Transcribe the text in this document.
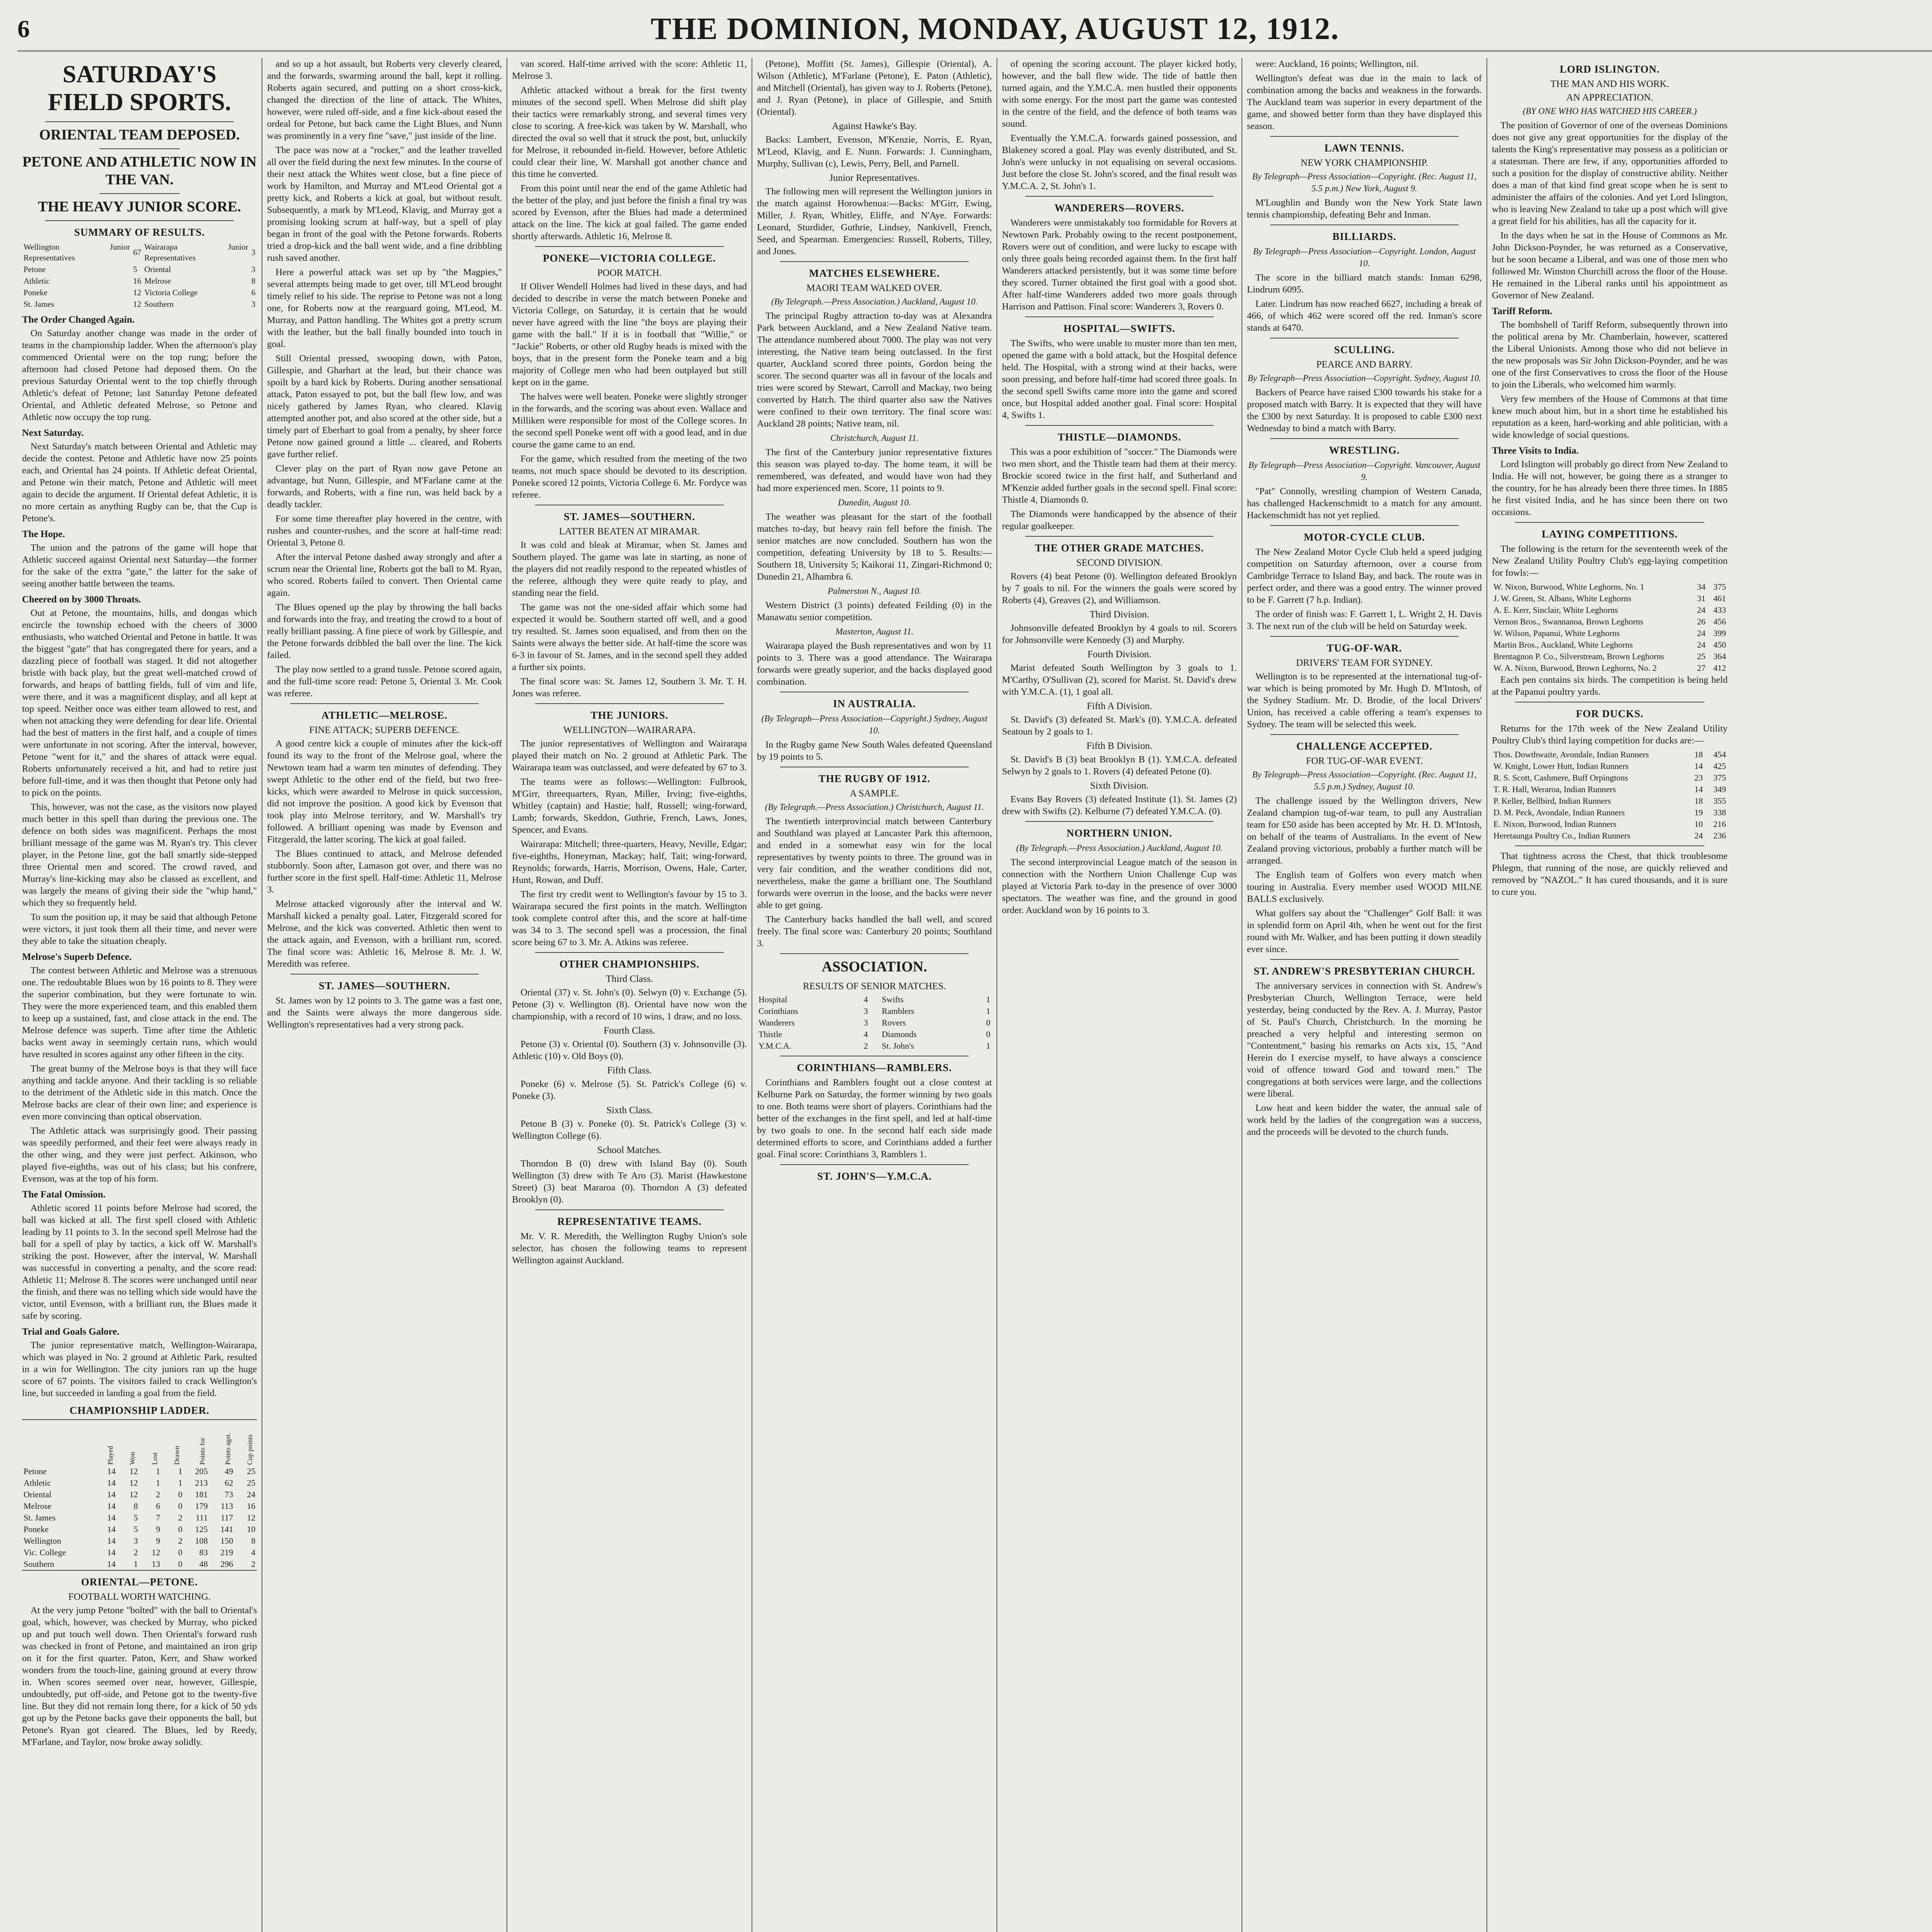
6	THE DOMINION, MONDAY, AUGUST 12, 1912.
SATURDAY'S FIELD SPORTS.
ORIENTAL TEAM DEPOSED.
PETONE AND ATHLETIC NOW IN THE VAN.
THE HEAVY JUNIOR SCORE.
SUMMARY OF RESULTS.
Wellington Junior Representatives	67	Wairarapa Junior Representatives	3
Petone	5	Oriental	3
Athletic	16	Melrose	8
Poneke	12	Victoria College	6
St. James	12	Southern	3
The Order Changed Again.

On Saturday another change was made in the order of teams in the championship ladder. When the afternoon's play commenced Oriental were on the top rung; before the afternoon had closed Petone had deposed them. On the previous Saturday Oriental went to the top chiefly through Athletic's defeat of Petone; last Saturday Petone defeated Oriental, and Athletic defeated Melrose, so Petone and Athletic now occupy the top rung.

Next Saturday.

Next Saturday's match between Oriental and Athletic may decide the contest. Petone and Athletic have now 25 points each, and Oriental has 24 points. If Athletic defeat Oriental, and Petone win their match, Petone and Athletic will meet again to decide the argument. If Oriental defeat Athletic, it is no more certain as anything Rugby can be, that the Cup is Petone's.

The Hope.

The union and the patrons of the game will hope that Athletic succeed against Oriental next Saturday—the former for the sake of the extra "gate," the latter for the sake of seeing another battle between the teams.

Cheered on by 3000 Throats.

Out at Petone, the mountains, hills, and dongas which encircle the township echoed with the cheers of 3000 enthusiasts, who watched Oriental and Petone in battle. It was the biggest "gate" that has congregated there for years, and a dazzling piece of football was staged. It did not altogether bristle with back play, but the great well-matched crowd of forwards, and heaps of battling fields, full of vim and life, were there, and it was a magnificent display, and all kept at top speed. Neither once was either team allowed to rest, and when not attacking they were defending for dear life. Oriental had the best of matters in the first half, and a couple of times were unfortunate in not scoring. After the interval, however, Petone "went for it," and the shares of attack were equal. Roberts unfortunately received a hit, and had to retire just before full-time, and it was then thought that Petone only had to pick on the points.

This, however, was not the case, as the visitors now played much better in this spell than during the previous one. The defence on both sides was magnificent. Perhaps the most brilliant message of the game was M. Ryan's try. This clever player, in the Petone line, got the ball smartly side-stepped three Oriental men and scored. The crowd raved, and Murray's line-kicking may also be classed as excellent, and was largely the means of giving their side the "whip hand," which they so frequently held.

To sum the position up, it may be said that although Petone were victors, it just took them all their time, and never were they able to take the situation cheaply.

Melrose's Superb Defence.

The contest between Athletic and Melrose was a strenuous one. The redoubtable Blues won by 16 points to 8. They were the superior combination, but they were fortunate to win. They were the more experienced team, and this enabled them to keep up a sustained, fast, and close attack in the end. The Melrose defence was superb. Time after time the Athletic backs went away in seemingly certain runs, which would have resulted in scores against any other fifteen in the city.

The great bunny of the Melrose boys is that they will face anything and tackle anyone. And their tackling is so reliable to the detriment of the Athletic side in this match. Once the Melrose backs are clear of their own line; and experience is even more convincing than optical observation.

The Athletic attack was surprisingly good. Their passing was speedily performed, and their feet were always ready in the other wing, and they were just perfect. Atkinson, who played five-eighths, was out of his class; but his confrere, Evenson, was at the top of his form.

The Fatal Omission.

Athletic scored 11 points before Melrose had scored, the ball was kicked at all. The first spell closed with Athletic leading by 11 points to 3. In the second spell Melrose had the ball for a spell of play by tactics, a kick off W. Marshall's striking the post. However, after the interval, W. Marshall was successful in converting a penalty, and the score read: Athletic 11; Melrose 8. The scores were unchanged until near the finish, and there was no telling which side would have the victor, until Evenson, with a brilliant run, the Blues made it safe by scoring.

Trial and Goals Galore.

The junior representative match, Wellington-Wairarapa, which was played in No. 2 ground at Athletic Park, resulted in a win for Wellington. The city juniors ran up the huge score of 67 points. The visitors failed to crack Wellington's line, but succeeded in landing a goal from the field.

CHAMPIONSHIP LADDER.
	Played	Won	Lost	Drawn	Points for	Points agst.	Cup points
Petone	14	12	1	1	205	49	25
Athletic	14	12	1	1	213	62	25
Oriental	14	12	2	0	181	73	24
Melrose	14	8	6	0	179	113	16
St. James	14	5	7	2	111	117	12
Poneke	14	5	9	0	125	141	10
Wellington	14	3	9	2	108	150	8
Vic. College	14	2	12	0	83	219	4
Southern	14	1	13	0	48	296	2
ORIENTAL—PETONE.
FOOTBALL WORTH WATCHING.

At the very jump Petone "bolted" with the ball to Oriental's goal, which, however, was checked by Murray, who picked up and put touch well down. Then Oriental's forward rush was checked in front of Petone, and maintained an iron grip on it for the first quarter. Paton, Kerr, and Shaw worked wonders from the touch-line, gaining ground at every throw in. When scores seemed over near, however, Gillespie, undoubtedly, put off-side, and Petone got to the twenty-five line. But they did not remain long there, for a kick of 50 yds got up by the Petone backs gave their opponents the ball, but Petone's Ryan got cleared. The Blues, led by Reedy, M'Farlane, and Taylor, now broke away solidly.

and so up a hot assault, but Roberts very cleverly cleared, and the forwards, swarming around the ball, kept it rolling. Roberts again secured, and putting on a short cross-kick, changed the direction of the line of attack. The Whites, however, were ruled off-side, and a fine kick-about eased the ordeal for Petone, but back came the Light Blues, and Nunn was prominently in a very fine "save," just inside of the line.

The pace was now at a "rocker," and the leather travelled all over the field during the next few minutes. In the course of their next attack the Whites went close, but a fine piece of work by Hamilton, and Murray and M'Leod Oriental got a pretty kick, and Roberts a kick at goal, but without result. Subsequently, a mark by M'Leod, Klavig, and Murray got a promising looking scrum at half-way, but a spell of play began in front of the goal with the Petone forwards. Roberts tried a drop-kick and the ball went wide, and a fine dribbling rush saved another.

Here a powerful attack was set up by "the Magpies," several attempts being made to get over, till M'Leod brought timely relief to his side. The reprise to Petone was not a long one, for Roberts now at the rearguard going, M'Leod, M. Murray, and Patton handling. The Whites got a pretty scrum with the leather, but the ball finally bounded into touch in goal.

Still Oriental pressed, swooping down, with Paton, Gillespie, and Gharhart at the lead, but their chance was spoilt by a hard kick by Roberts. During another sensational attack, Paton essayed to pot, but the ball flew low, and was nicely gathered by James Ryan, who cleared. Klavig attempted another pot, and also scored at the other side, but a timely part of Eberhart to goal from a penalty, by sheer force Petone now gained ground a little ... cleared, and Roberts gave further relief.

Clever play on the part of Ryan now gave Petone an advantage, but Nunn, Gillespie, and M'Farlane came at the forwards, and Roberts, with a fine run, was held back by a deadly tackler.

For some time thereafter play hovered in the centre, with rushes and counter-rushes, and the score at half-time read: Oriental 3, Petone 0.

After the interval Petone dashed away strongly and after a scrum near the Oriental line, Roberts got the ball to M. Ryan, who scored. Roberts failed to convert. Then Oriental came again.

The Blues opened up the play by throwing the ball backs and forwards into the fray, and treating the crowd to a bout of really brilliant passing. A fine piece of work by Gillespie, and the Petone forwards dribbled the ball over the line. The kick failed.

The play now settled to a grand tussle. Petone scored again, and the full-time score read: Petone 5, Oriental 3. Mr. Cook was referee.

ATHLETIC—MELROSE.
FINE ATTACK; SUPERB DEFENCE.

A good centre kick a couple of minutes after the kick-off found its way to the front of the Melrose goal, where the Newtown team had a warm ten minutes of defending. They swept Athletic to the other end of the field, but two free-kicks, which were awarded to Melrose in quick succession, did not improve the position. A good kick by Evenson that took play into Melrose territory, and W. Marshall's try followed. A brilliant opening was made by Evenson and Fitzgerald, the latter scoring. The kick at goal failed.

The Blues continued to attack, and Melrose defended stubbornly. Soon after, Lamason got over, and there was no further score in the first spell. Half-time: Athletic 11, Melrose 3.

Melrose attacked vigorously after the interval and W. Marshall kicked a penalty goal. Later, Fitzgerald scored for Melrose, and the kick was converted. Athletic then went to the attack again, and Evenson, with a brilliant run, scored. The final score was: Athletic 16, Melrose 8. Mr. J. W. Meredith was referee.

ST. JAMES—SOUTHERN.

St. James won by 12 points to 3. The game was a fast one, and the Saints were always the more dangerous side. Wellington's representatives had a very strong pack.

van scored. Half-time arrived with the score: Athletic 11, Melrose 3.

Athletic attacked without a break for the first twenty minutes of the second spell. When Melrose did shift play their tactics were remarkably strong, and several times very close to scoring. A free-kick was taken by W. Marshall, who directed the oval so well that it struck the post, but, unluckily for Melrose, it rebounded in-field. However, before Athletic could clear their line, W. Marshall got another chance and this time he converted.

From this point until near the end of the game Athletic had the better of the play, and just before the finish a final try was scored by Evenson, after the Blues had made a determined attack on the line. The kick at goal failed. The game ended shortly afterwards. Athletic 16, Melrose 8.

PONEKE—VICTORIA COLLEGE.
POOR MATCH.

If Oliver Wendell Holmes had lived in these days, and had decided to describe in verse the match between Poneke and Victoria College, on Saturday, it is certain that he would never have agreed with the line "the boys are playing their game with the ball." If it is in football that "Willie," or "Jackie" Roberts, or other old Rugby heads is mixed with the boys, that in the present form the Poneke team and a big majority of College men who had been outplayed but still kept on in the game.

The halves were well beaten. Poneke were slightly stronger in the forwards, and the scoring was about even. Wallace and Milliken were responsible for most of the College scores. In the second spell Poneke went off with a good lead, and in due course the game came to an end.

For the game, which resulted from the meeting of the two teams, not much space should be devoted to its description. Poneke scored 12 points, Victoria College 6. Mr. Fordyce was referee.

ST. JAMES—SOUTHERN.
LATTER BEATEN AT MIRAMAR.

It was cold and bleak at Miramar, when St. James and Southern played. The game was late in starting, as none of the players did not readily respond to the repeated whistles of the referee, although they were quite ready to play, and standing near the field.

The game was not the one-sided affair which some had expected it would be. Southern started off well, and a good try resulted. St. James soon equalised, and from then on the Saints were always the better side. At half-time the score was 6-3 in favour of St. James, and in the second spell they added a further six points.

The final score was: St. James 12, Southern 3. Mr. T. H. Jones was referee.

THE JUNIORS.
WELLINGTON—WAIRARAPA.

The junior representatives of Wellington and Wairarapa played their match on No. 2 ground at Athletic Park. The Wairarapa team was outclassed, and were defeated by 67 to 3.

The teams were as follows:—Wellington: Fulbrook, M'Girr, threequarters, Ryan, Miller, Irving; five-eighths, Whitley (captain) and Hastie; half, Russell; wing-forward, Lamb; forwards, Skeddon, Guthrie, French, Laws, Jones, Spencer, and Evans.

Wairarapa: Mitchell; three-quarters, Heavy, Neville, Edgar; five-eighths, Honeyman, Mackay; half, Tait; wing-forward, Reynolds; forwards, Harris, Morrison, Owens, Hale, Carter, Hunt, Rowan, and Duff.

The first try credit went to Wellington's favour by 15 to 3. Wairarapa secured the first points in the match. Wellington took complete control after this, and the score at half-time was 34 to 3. The second spell was a procession, the final score being 67 to 3. Mr. A. Atkins was referee.

OTHER CHAMPIONSHIPS.
Third Class.

Oriental (37) v. St. John's (0). Selwyn (0) v. Exchange (5). Petone (3) v. Wellington (8). Oriental have now won the championship, with a record of 10 wins, 1 draw, and no loss.

Fourth Class.

Petone (3) v. Oriental (0). Southern (3) v. Johnsonville (3). Athletic (10) v. Old Boys (0).

Fifth Class.

Poneke (6) v. Melrose (5). St. Patrick's College (6) v. Poneke (3).

Sixth Class.

Petone B (3) v. Poneke (0). St. Patrick's College (3) v. Wellington College (6).

School Matches.

Thorndon B (0) drew with Island Bay (0). South Wellington (3) drew with Te Aro (3). Marist (Hawkestone Street) (3) beat Mararoa (0). Thorndon A (3) defeated Brooklyn (0).

REPRESENTATIVE TEAMS.

Mr. V. R. Meredith, the Wellington Rugby Union's sole selector, has chosen the following teams to represent Wellington against Auckland.

(Petone), Moffitt (St. James), Gillespie (Oriental), A. Wilson (Athletic), M'Farlane (Petone), E. Paton (Athletic), and Mitchell (Oriental), has given way to J. Roberts (Petone), and J. Ryan (Petone), in place of Gillespie, and Smith (Oriental).

Against Hawke's Bay.

Backs: Lambert, Evenson, M'Kenzie, Norris, E. Ryan, M'Leod, Klavig, and E. Nunn. Forwards: J. Cunningham, Murphy, Sullivan (c), Lewis, Perry, Bell, and Parnell.

Junior Representatives.

The following men will represent the Wellington juniors in the match against Horowhenua:—Backs: M'Girr, Ewing, Miller, J. Ryan, Whitley, Eliffe, and N'Aye. Forwards: Leonard, Sturdider, Guthrie, Lindsey, Nankivell, French, Seed, and Spearman. Emergencies: Russell, Roberts, Tilley, and Jones.

MATCHES ELSEWHERE.
MAORI TEAM WALKED OVER.
(By Telegraph.—Press Association.) Auckland, August 10.

The principal Rugby attraction to-day was at Alexandra Park between Auckland, and a New Zealand Native team. The attendance numbered about 7000. The play was not very interesting, the Native team being outclassed. In the first quarter, Auckland scored three points, Gordon being the scorer. The second quarter was all in favour of the locals and tries were scored by Stewart, Carroll and Mackay, two being converted by Hatch. The third quarter also saw the Natives were confined to their own territory. The final score was: Auckland 28 points; Native team, nil.

Christchurch, August 11.

The first of the Canterbury junior representative fixtures this season was played to-day. The home team, it will be remembered, was defeated, and would have won had they had more experienced men. Score, 11 points to 9.

Dunedin, August 10.

The weather was pleasant for the start of the football matches to-day, but heavy rain fell before the finish. The senior matches are now concluded. Southern has won the competition, defeating University by 18 to 5. Results:—Southern 18, University 5; Kaikorai 11, Zingari-Richmond 0; Dunedin 21, Alhambra 6.

Palmerston N., August 10.

Western District (3 points) defeated Feilding (0) in the Manawatu senior competition.

Masterton, August 11.

Wairarapa played the Bush representatives and won by 11 points to 3. There was a good attendance. The Wairarapa forwards were greatly superior, and the backs displayed good combination.

IN AUSTRALIA.
(By Telegraph—Press Association—Copyright.) Sydney, August 10.

In the Rugby game New South Wales defeated Queensland by 19 points to 5.

THE RUGBY OF 1912.
A SAMPLE.
(By Telegraph.—Press Association.) Christchurch, August 11.

The twentieth interprovincial match between Canterbury and Southland was played at Lancaster Park this afternoon, and ended in a somewhat easy win for the local representatives by twenty points to three. The ground was in very fair condition, and the weather conditions did not, nevertheless, make the game a brilliant one. The Southland forwards were overrun in the loose, and the backs were never able to get going.

The Canterbury backs handled the ball well, and scored freely. The final score was: Canterbury 20 points; Southland 3.

ASSOCIATION.
RESULTS OF SENIOR MATCHES.
Hospital	4	Swifts	1
Corinthians	3	Ramblers	1
Wanderers	3	Rovers	0
Thistle	4	Diamonds	0
Y.M.C.A.	2	St. John's	1
CORINTHIANS—RAMBLERS.

Corinthians and Ramblers fought out a close contest at Kelburne Park on Saturday, the former winning by two goals to one. Both teams were short of players. Corinthians had the better of the exchanges in the first spell, and led at half-time by two goals to one. In the second half each side made determined efforts to score, and Corinthians added a further goal. Final score: Corinthians 3, Ramblers 1.

ST. JOHN'S—Y.M.C.A.

of opening the scoring account. The player kicked hotly, however, and the ball flew wide. The tide of battle then turned again, and the Y.M.C.A. men hustled their opponents with some energy. For the most part the game was contested in the centre of the field, and the defence of both teams was sound.

Eventually the Y.M.C.A. forwards gained possession, and Blakeney scored a goal. Play was evenly distributed, and St. John's were unlucky in not equalising on several occasions. Just before the close St. John's scored, and the final result was Y.M.C.A. 2, St. John's 1.

WANDERERS—ROVERS.

Wanderers were unmistakably too formidable for Rovers at Newtown Park. Probably owing to the recent postponement, Rovers were out of condition, and were lucky to escape with only three goals being recorded against them. In the first half Wanderers attacked persistently, but it was some time before they scored. Turner obtained the first goal with a good shot. After half-time Wanderers added two more goals through Harrison and Pattison. Final score: Wanderers 3, Rovers 0.

HOSPITAL—SWIFTS.

The Swifts, who were unable to muster more than ten men, opened the game with a bold attack, but the Hospital defence held. The Hospital, with a strong wind at their backs, were soon pressing, and before half-time had scored three goals. In the second spell Swifts came more into the game and scored once, but Hospital added another goal. Final score: Hospital 4, Swifts 1.

THISTLE—DIAMONDS.

This was a poor exhibition of "soccer." The Diamonds were two men short, and the Thistle team had them at their mercy. Brockie scored twice in the first half, and Sutherland and M'Kenzie added further goals in the second spell. Final score: Thistle 4, Diamonds 0.

The Diamonds were handicapped by the absence of their regular goalkeeper.

THE OTHER GRADE MATCHES.
SECOND DIVISION.

Rovers (4) beat Petone (0). Wellington defeated Brooklyn by 7 goals to nil. For the winners the goals were scored by Roberts (4), Greaves (2), and Williamson.

Third Division.

Johnsonville defeated Brooklyn by 4 goals to nil. Scorers for Johnsonville were Kennedy (3) and Murphy.

Fourth Division.

Marist defeated South Wellington by 3 goals to 1. M'Carthy, O'Sullivan (2), scored for Marist. St. David's drew with Y.M.C.A. (1), 1 goal all.

Fifth A Division.

St. David's (3) defeated St. Mark's (0). Y.M.C.A. defeated Seatoun by 2 goals to 1.

Fifth B Division.

St. David's B (3) beat Brooklyn B (1). Y.M.C.A. defeated Selwyn by 2 goals to 1. Rovers (4) defeated Petone (0).

Sixth Division.

Evans Bay Rovers (3) defeated Institute (1). St. James (2) drew with Swifts (2). Kelburne (7) defeated Y.M.C.A. (0).

NORTHERN UNION.
(By Telegraph.—Press Association.) Auckland, August 10.

The second interprovincial League match of the season in connection with the Northern Union Challenge Cup was played at Victoria Park to-day in the presence of over 3000 spectators. The weather was fine, and the ground in good order. Auckland won by 16 points to 3.

were: Auckland, 16 points; Wellington, nil.

Wellington's defeat was due in the main to lack of combination among the backs and weakness in the forwards. The Auckland team was superior in every department of the game, and showed better form than they have displayed this season.

LAWN TENNIS.
NEW YORK CHAMPIONSHIP.
By Telegraph—Press Association—Copyright. (Rec. August 11, 5.5 p.m.) New York, August 9.

M'Loughlin and Bundy won the New York State lawn tennis championship, defeating Behr and Inman.

BILLIARDS.
By Telegraph—Press Association—Copyright. London, August 10.

The score in the billiard match stands: Inman 6298, Lindrum 6095.

Later. Lindrum has now reached 6627, including a break of 466, of which 462 were scored off the red. Inman's score stands at 6470.

SCULLING.
PEARCE AND BARRY.
By Telegraph—Press Association—Copyright. Sydney, August 10.

Backers of Pearce have raised £300 towards his stake for a proposed match with Barry. It is expected that they will have the £300 by next Saturday. It is proposed to cable £300 next Wednesday to bind a match with Barry.

WRESTLING.
By Telegraph—Press Association—Copyright. Vancouver, August 9.

"Pat" Connolly, wrestling champion of Western Canada, has challenged Hackenschmidt to a match for any amount. Hackenschmidt has not yet replied.

MOTOR-CYCLE CLUB.

The New Zealand Motor Cycle Club held a speed judging competition on Saturday afternoon, over a course from Cambridge Terrace to Island Bay, and back. The route was in perfect order, and there was a good entry. The winner proved to be F. Garrett (7 h.p. Indian).

The order of finish was: F. Garrett 1, L. Wright 2, H. Davis 3. The next run of the club will be held on Saturday week.

TUG-OF-WAR.
DRIVERS' TEAM FOR SYDNEY.

Wellington is to be represented at the international tug-of-war which is being promoted by Mr. Hugh D. M'Intosh, of the Sydney Stadium. Mr. D. Brodie, of the local Drivers' Union, has received a cable offering a team's expenses to Sydney. The team will be selected this week.

CHALLENGE ACCEPTED.
FOR TUG-OF-WAR EVENT.
By Telegraph—Press Association—Copyright. (Rec. August 11, 5.5 p.m.) Sydney, August 10.

The challenge issued by the Wellington drivers, New Zealand champion tug-of-war team, to pull any Australian team for £50 aside has been accepted by Mr. H. D. M'Intosh, on behalf of the teams of Australians. In the event of New Zealand proving victorious, probably a further match will be arranged.

The English team of Golfers won every match when touring in Australia. Every member used WOOD MILNE BALLS exclusively.

What golfers say about the "Challenger" Golf Ball: it was in splendid form on April 4th, when he went out for the first round with Mr. Walker, and has been putting it down steadily ever since.

ST. ANDREW'S PRESBYTERIAN CHURCH.

The anniversary services in connection with St. Andrew's Presbyterian Church, Wellington Terrace, were held yesterday, being conducted by the Rev. A. J. Murray, Pastor of St. Paul's Church, Christchurch. In the morning he preached a very helpful and interesting sermon on "Contentment," basing his remarks on Acts xix, 15, "And Herein do I exercise myself, to have always a conscience void of offence toward God and toward men." The congregations at both services were large, and the collections were liberal.

Low heat and keen bidder the water, the annual sale of work held by the ladies of the congregation was a success, and the proceeds will be devoted to the church funds.

LORD ISLINGTON.
THE MAN AND HIS WORK.
AN APPRECIATION.
(BY ONE WHO HAS WATCHED HIS CAREER.)

The position of Governor of one of the overseas Dominions does not give any great opportunities for the display of the talents the King's representative may possess as a politician or a statesman. There are few, if any, opportunities afforded to such a position for the display of constructive ability. Neither does a man of that kind find great scope when he is sent to administer the affairs of the colonies. And yet Lord Islington, who is leaving New Zealand to take up a post which will give a great field for his abilities, has all the capacity for it.

In the days when he sat in the House of Commons as Mr. John Dickson-Poynder, he was returned as a Conservative, but he soon became a Liberal, and was one of those men who followed Mr. Winston Churchill across the floor of the House. He remained in the Liberal ranks until his appointment as Governor of New Zealand.

Tariff Reform.

The bombshell of Tariff Reform, subsequently thrown into the political arena by Mr. Chamberlain, however, scattered the Liberal Unionists. Among those who did not believe in the new proposals was Sir John Dickson-Poynder, and he was one of the first Conservatives to cross the floor of the House to join the Liberals, who welcomed him warmly.

Very few members of the House of Commons at that time knew much about him, but in a short time he established his reputation as a keen, hard-working and able politician, with a wide knowledge of social questions.

Three Visits to India.

Lord Islington will probably go direct from New Zealand to India. He will not, however, be going there as a stranger to the country, for he has already been there three times. In 1885 he first visited India, and he has since been there on two occasions.

LAYING COMPETITIONS.

The following is the return for the seventeenth week of the New Zealand Utility Poultry Club's egg-laying competition for fowls:—

W. Nixon, Burwood, White Leghorns, No. 1	34	375
J. W. Green, St. Albans, White Leghorns	31	461
A. E. Kerr, Sinclair, White Leghorns	24	433
Vernon Bros., Swannanoa, Brown Leghorns	26	456
W. Wilson, Papanui, White Leghorns	24	399
Martin Bros., Auckland, White Leghorns	24	450
Brentagnon P. Co., Silverstream, Brown Leghorns	25	364
W. A. Nixon, Burwood, Brown Leghorns, No. 2	27	412

Each pen contains six birds. The competition is being held at the Papanui poultry yards.

FOR DUCKS.

Returns for the 17th week of the New Zealand Utility Poultry Club's third laying competition for ducks are:—

Thos. Dowthwaite, Avondale, Indian Runners	18	454
W. Knight, Lower Hutt, Indian Runners	14	425
R. S. Scott, Cashmere, Buff Orpingtons	23	375
T. R. Hall, Weraroa, Indian Runners	14	349
P. Keller, Bellbird, Indian Runners	18	355
D. M. Peck, Avondale, Indian Runners	19	338
E. Nixon, Burwood, Indian Runners	10	216
Heretaunga Poultry Co., Indian Runners	24	236

That tightness across the Chest, that thick troublesome Phlegm, that running of the nose, are quickly relieved and removed by "NAZOL." It has cured thousands, and it is sure to cure you.
